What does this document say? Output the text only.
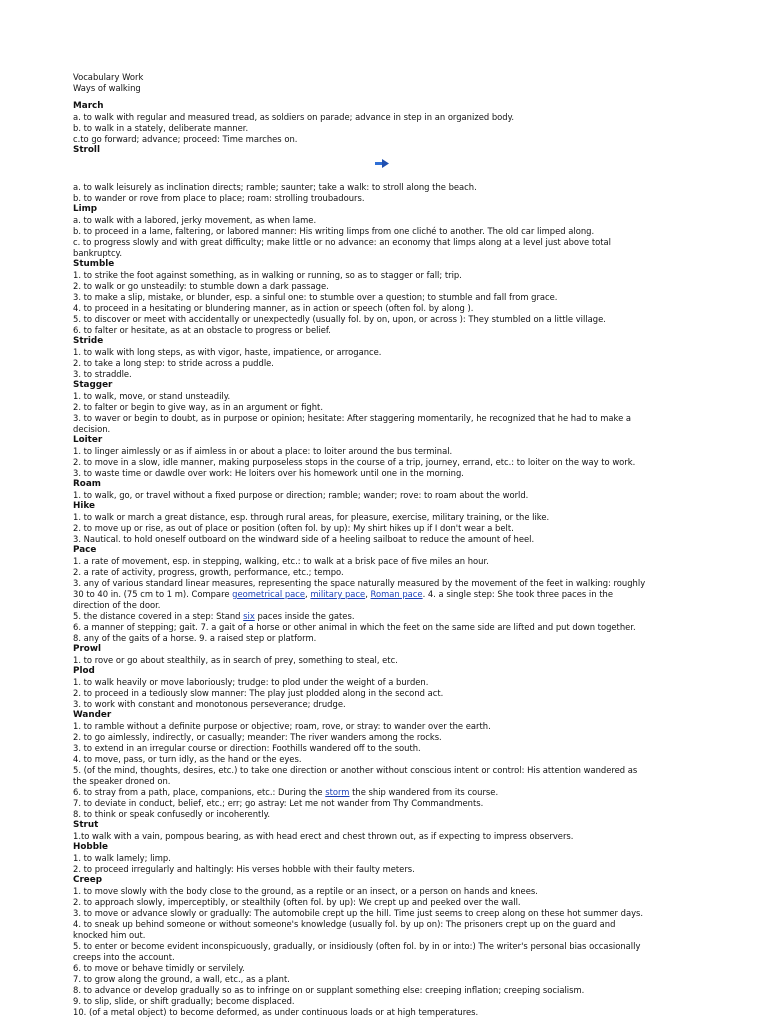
Vocabulary Work
Ways of walking
March
a. to walk with regular and measured tread, as soldiers on parade; advance in step in an organized body.
b. to walk in a stately, deliberate manner.
c.to go forward; advance; proceed: Time marches on.
Stroll
a. to walk leisurely as inclination directs; ramble; saunter; take a walk: to stroll along the beach.
b. to wander or rove from place to place; roam: strolling troubadours.
Limp
a. to walk with a labored, jerky movement, as when lame.
b. to proceed in a lame, faltering, or labored manner: His writing limps from one cliché to another. The old car limped along.
c. to progress slowly and with great difficulty; make little or no advance: an economy that limps along at a level just above total
bankruptcy.
Stumble
1. to strike the foot against something, as in walking or running, so as to stagger or fall; trip.
2. to walk or go unsteadily: to stumble down a dark passage.
3. to make a slip, mistake, or blunder, esp. a sinful one: to stumble over a question; to stumble and fall from grace.
4. to proceed in a hesitating or blundering manner, as in action or speech (often fol. by along ).
5. to discover or meet with accidentally or unexpectedly (usually fol. by on, upon, or across ): They stumbled on a little village.
6. to falter or hesitate, as at an obstacle to progress or belief.
Stride
1. to walk with long steps, as with vigor, haste, impatience, or arrogance.
2. to take a long step: to stride across a puddle.
3. to straddle.
Stagger
1. to walk, move, or stand unsteadily.
2. to falter or begin to give way, as in an argument or fight.
3. to waver or begin to doubt, as in purpose or opinion; hesitate: After staggering momentarily, he recognized that he had to make a
decision.
Loiter
1. to linger aimlessly or as if aimless in or about a place: to loiter around the bus terminal.
2. to move in a slow, idle manner, making purposeless stops in the course of a trip, journey, errand, etc.: to loiter on the way to work.
3. to waste time or dawdle over work: He loiters over his homework until one in the morning.
Roam
1. to walk, go, or travel without a fixed purpose or direction; ramble; wander; rove: to roam about the world.
Hike
1. to walk or march a great distance, esp. through rural areas, for pleasure, exercise, military training, or the like.
2. to move up or rise, as out of place or position (often fol. by up): My shirt hikes up if I don't wear a belt.
3. Nautical. to hold oneself outboard on the windward side of a heeling sailboat to reduce the amount of heel.
Pace
1. a rate of movement, esp. in stepping, walking, etc.: to walk at a brisk pace of five miles an hour.
2. a rate of activity, progress, growth, performance, etc.; tempo.
3. any of various standard linear measures, representing the space naturally measured by the movement of the feet in walking: roughly
30 to 40 in. (75 cm to 1 m). Compare geometrical pace, military pace, Roman pace. 4. a single step: She took three paces in the
direction of the door.
5. the distance covered in a step: Stand six paces inside the gates.
6. a manner of stepping; gait. 7. a gait of a horse or other animal in which the feet on the same side are lifted and put down together.
8. any of the gaits of a horse. 9. a raised step or platform.
Prowl
1. to rove or go about stealthily, as in search of prey, something to steal, etc.
Plod
1. to walk heavily or move laboriously; trudge: to plod under the weight of a burden.
2. to proceed in a tediously slow manner: The play just plodded along in the second act.
3. to work with constant and monotonous perseverance; drudge.
Wander
1. to ramble without a definite purpose or objective; roam, rove, or stray: to wander over the earth.
2. to go aimlessly, indirectly, or casually; meander: The river wanders among the rocks.
3. to extend in an irregular course or direction: Foothills wandered off to the south.
4. to move, pass, or turn idly, as the hand or the eyes.
5. (of the mind, thoughts, desires, etc.) to take one direction or another without conscious intent or control: His attention wandered as
the speaker droned on.
6. to stray from a path, place, companions, etc.: During the storm the ship wandered from its course.
7. to deviate in conduct, belief, etc.; err; go astray: Let me not wander from Thy Commandments.
8. to think or speak confusedly or incoherently.
Strut
1.to walk with a vain, pompous bearing, as with head erect and chest thrown out, as if expecting to impress observers.
Hobble
1. to walk lamely; limp.
2. to proceed irregularly and haltingly: His verses hobble with their faulty meters.
Creep
1. to move slowly with the body close to the ground, as a reptile or an insect, or a person on hands and knees.
2. to approach slowly, imperceptibly, or stealthily (often fol. by up): We crept up and peeked over the wall.
3. to move or advance slowly or gradually: The automobile crept up the hill. Time just seems to creep along on these hot summer days.
4. to sneak up behind someone or without someone's knowledge (usually fol. by up on): The prisoners crept up on the guard and
knocked him out.
5. to enter or become evident inconspicuously, gradually, or insidiously (often fol. by in or into:) The writer's personal bias occasionally
creeps into the account.
6. to move or behave timidly or servilely.
7. to grow along the ground, a wall, etc., as a plant.
8. to advance or develop gradually so as to infringe on or supplant something else: creeping inflation; creeping socialism.
9. to slip, slide, or shift gradually; become displaced.
10. (of a metal object) to become deformed, as under continuous loads or at high temperatures.
